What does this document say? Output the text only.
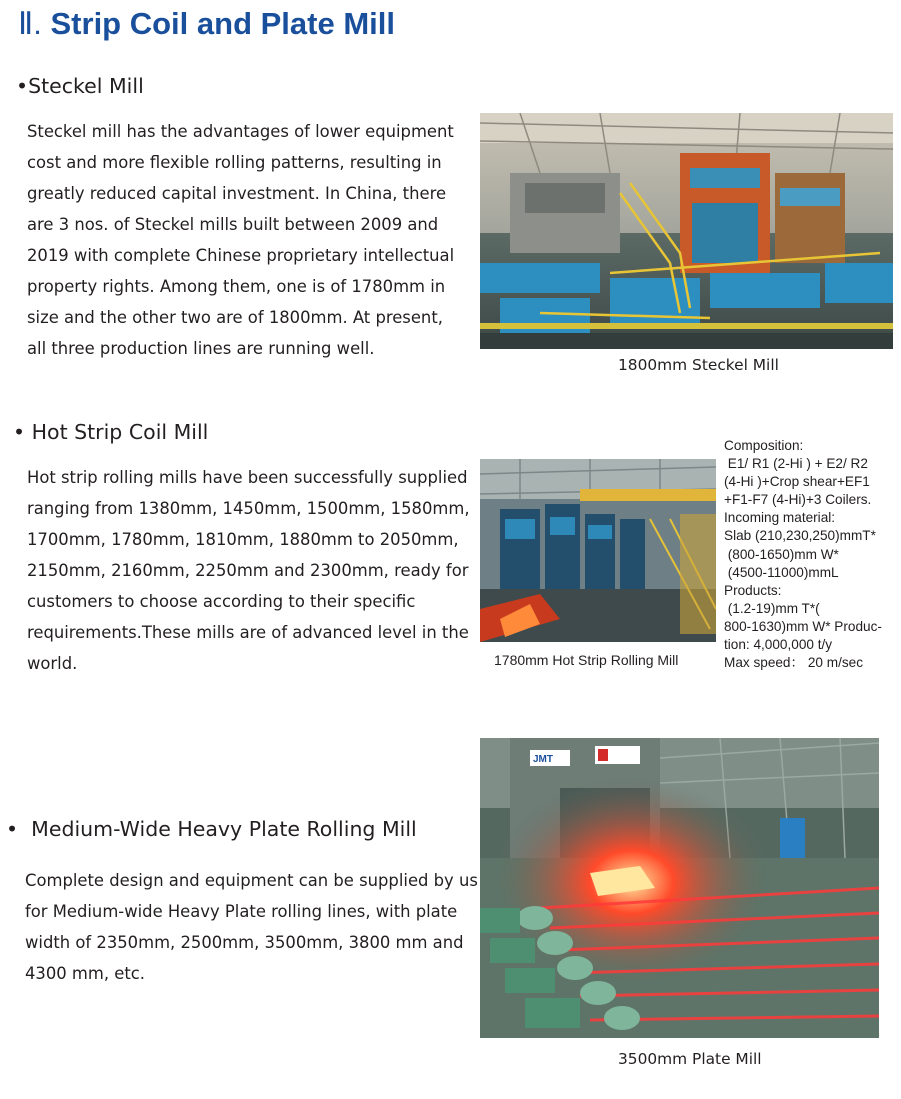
Ⅱ. Strip Coil and Plate Mill
•Steckel Mill
Steckel mill has the advantages of lower equipment
cost and more flexible rolling patterns, resulting in
greatly reduced capital investment. In China, there
are 3 nos. of Steckel mills built between 2009 and
2019 with complete Chinese proprietary intellectual
property rights. Among them, one is of 1780mm in
size and the other two are of 1800mm. At present,
all three production lines are running well.
1800mm Steckel Mill
• Hot Strip Coil Mill
Hot strip rolling mills have been successfully supplied
ranging from 1380mm, 1450mm, 1500mm, 1580mm,
1700mm, 1780mm, 1810mm, 1880mm to 2050mm,
2150mm, 2160mm, 2250mm and 2300mm, ready for
customers to choose according to their specific
requirements.These mills are of advanced level in the
world.	1780mm Hot Strip Rolling Mill
Composition:
E1/ R1 (2-Hi ) + E2/ R2
(4-Hi )+Crop shear+EF1
+F1-F7 (4-Hi)+3 Coilers.
Incoming material:
Slab (210,230,250)mmT*
(800-1650)mm W*
(4500-11000)mmL
Products:
(1.2-19)mm T*(
800-1630)mm W* Produc-
tion: 4,000,000 t/y
Max speed： 20 m/sec
• Medium-Wide Heavy Plate Rolling Mill
Complete design and equipment can be supplied by us
for Medium-wide Heavy Plate rolling lines, with plate
width of 2350mm, 2500mm, 3500mm, 3800 mm and
4300 mm, etc.
3500mm Plate Mill
